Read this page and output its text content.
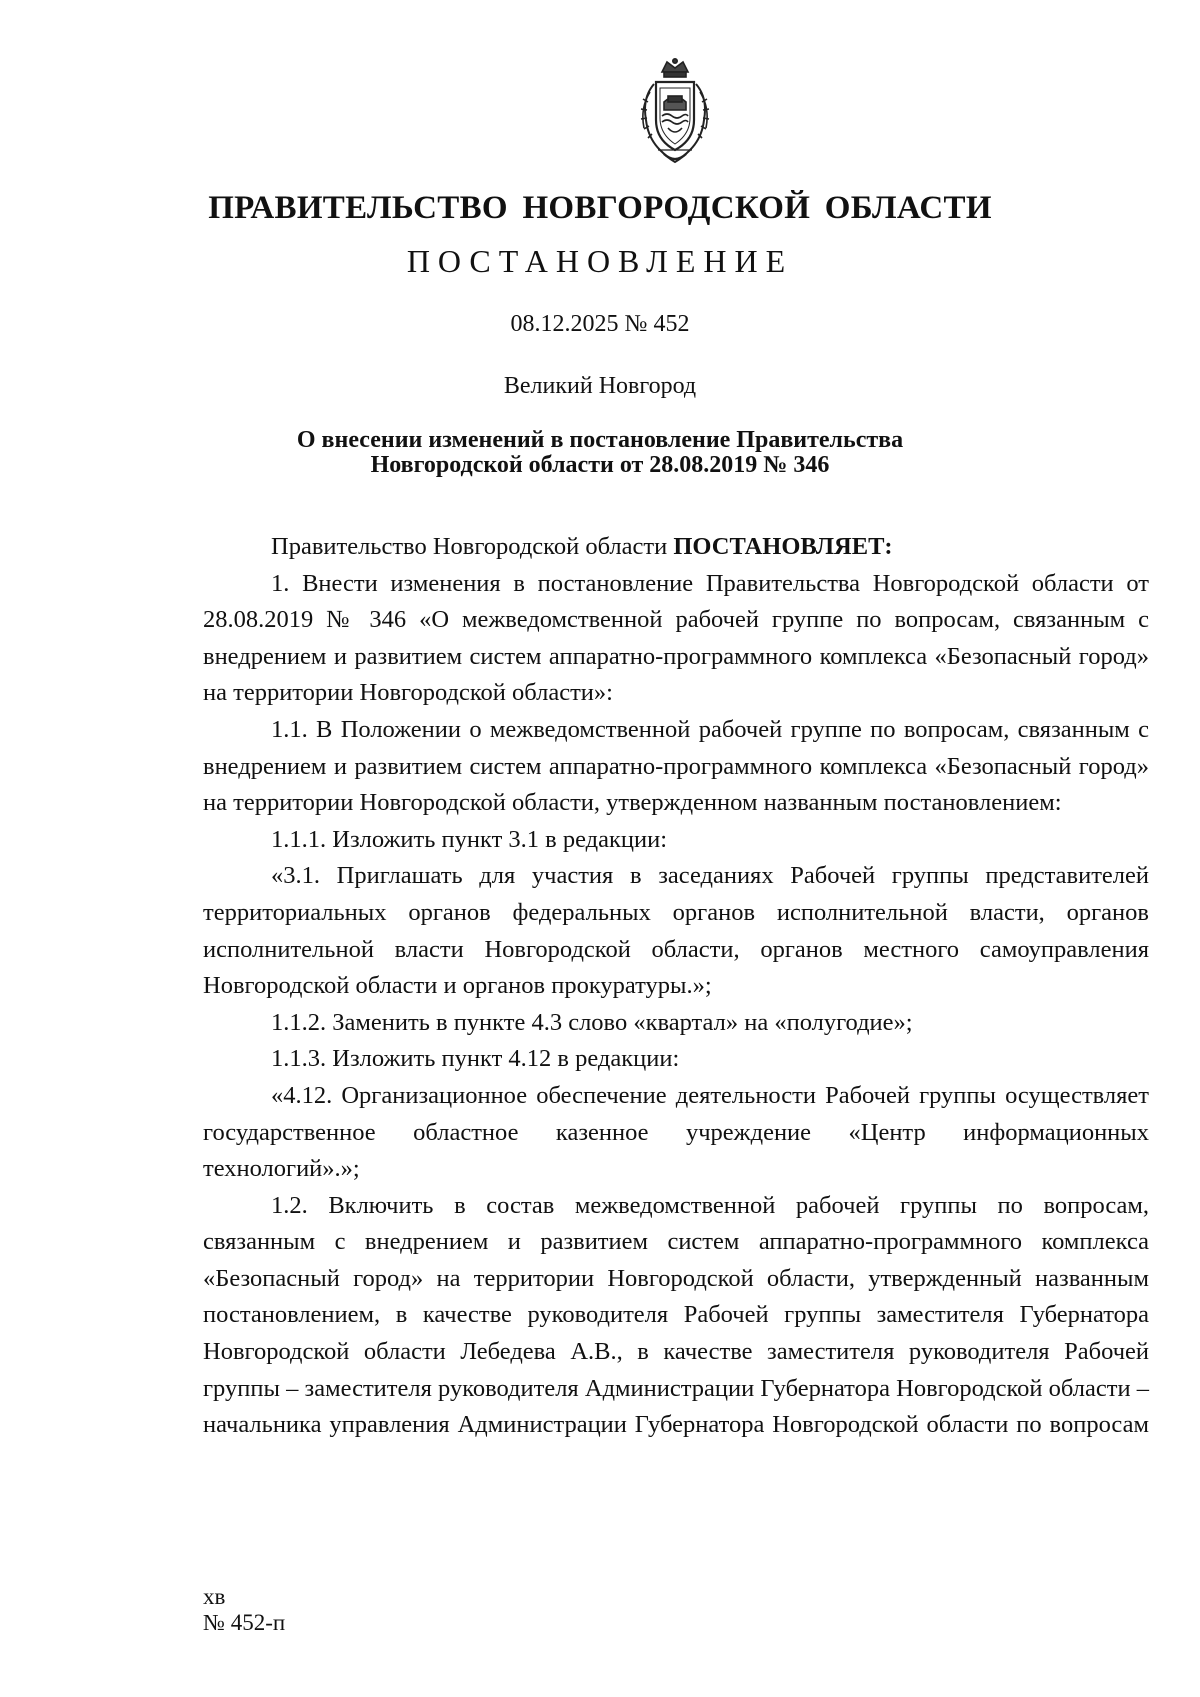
ПРАВИТЕЛЬСТВО НОВГОРОДСКОЙ ОБЛАСТИ
ПОСТАНОВЛЕНИЕ
08.12.2025 № 452
Великий Новгород
О внесении изменений в постановление Правительства
Новгородской области от 28.08.2019 № 346

Правительство Новгородской области ПОСТАНОВЛЯЕТ:

1. Внести изменения в постановление Правительства Новгородской области от 28.08.2019 № 346 «О межведомственной рабочей группе по вопросам, связанным с внедрением и развитием систем аппаратно-программного комплекса «Безопасный город» на территории Новгородской области»:

1.1. В Положении о межведомственной рабочей группе по вопросам, связанным с внедрением и развитием систем аппаратно-программного комплекса «Безопасный город» на территории Новгородской области, утвержденном названным постановлением:

1.1.1. Изложить пункт 3.1 в редакции:

«3.1. Приглашать для участия в заседаниях Рабочей группы представителей территориальных органов федеральных органов исполнительной власти, органов исполнительной власти Новгородской области, органов местного самоуправления Новгородской области и органов прокуратуры.»;

1.1.2. Заменить в пункте 4.3 слово «квартал» на «полугодие»;

1.1.3. Изложить пункт 4.12 в редакции:

«4.12. Организационное обеспечение деятельности Рабочей группы осуществляет государственное областное казенное учреждение «Центр информационных технологий».»;

1.2. Включить в состав межведомственной рабочей группы по вопросам, связанным с внедрением и развитием систем аппаратно-программного комплекса «Безопасный город» на территории Новгородской области, утвержденный названным постановлением, в качестве руководителя Рабочей группы заместителя Губернатора Новгородской области Лебедева А.В., в качестве заместителя руководителя Рабочей группы – заместителя руководителя Администрации Губернатора Новгородской области – начальника управления Администрации Губернатора Новгородской области по вопросам

хв
№ 452-п
